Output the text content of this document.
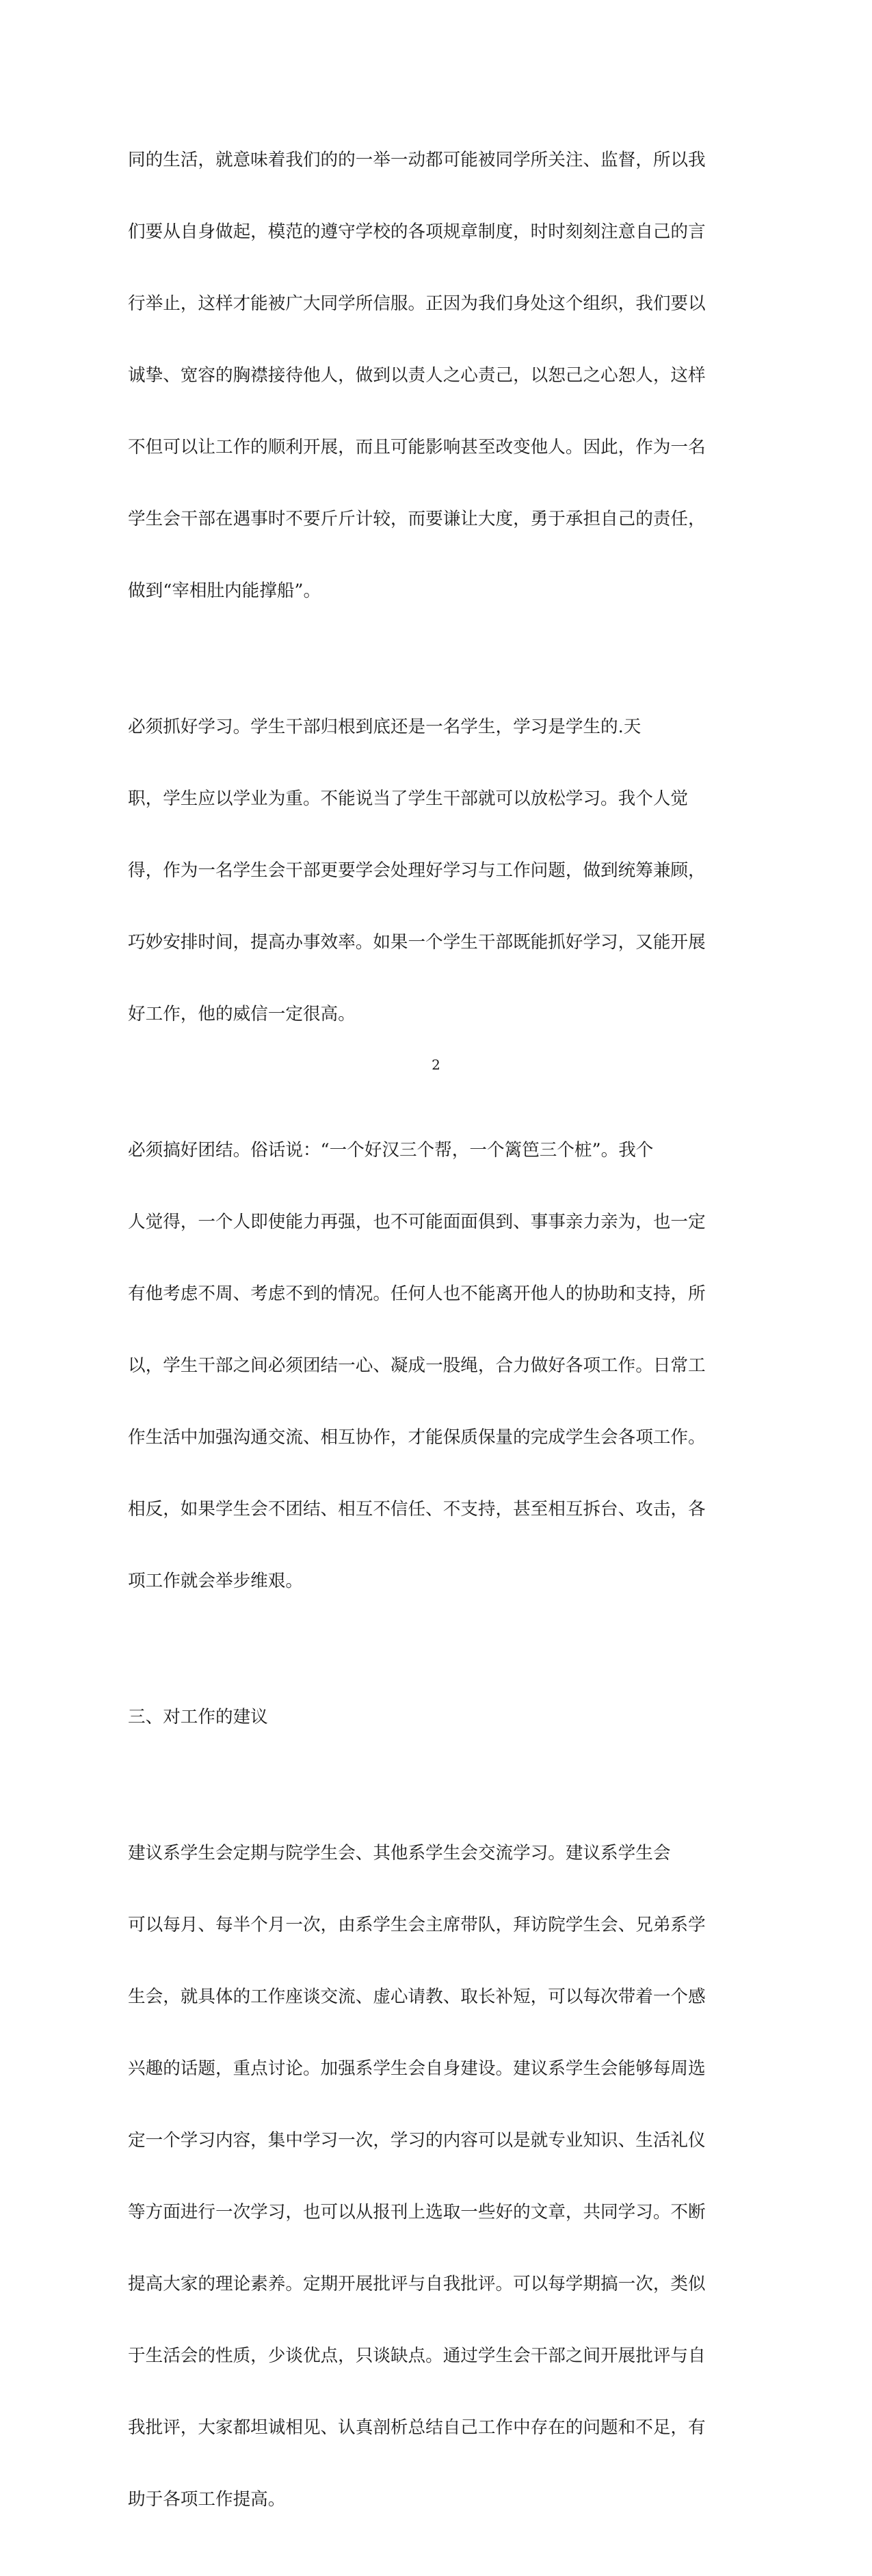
同的生活，就意味着我们的的一举一动都可能被同学所关注、监督，所以我

们要从自身做起，模范的遵守学校的各项规章制度，时时刻刻注意自己的言

行举止，这样才能被广大同学所信服。正因为我们身处这个组织，我们要以

诚挚、宽容的胸襟接待他人，做到以责人之心责己，以恕己之心恕人，这样

不但可以让工作的顺利开展，而且可能影响甚至改变他人。因此，作为一名

学生会干部在遇事时不要斤斤计较，而要谦让大度，勇于承担自己的责任，

做到“宰相肚内能撑船”。

必须抓好学习。学生干部归根到底还是一名学生，学习是学生的.天

职，学生应以学业为重。不能说当了学生干部就可以放松学习。我个人觉

得，作为一名学生会干部更要学会处理好学习与工作问题，做到统筹兼顾，

巧妙安排时间，提高办事效率。如果一个学生干部既能抓好学习，又能开展

好工作，他的威信一定很高。

必须搞好团结。俗话说：“一个好汉三个帮，一个篱笆三个桩”。我个

人觉得，一个人即使能力再强，也不可能面面俱到、事事亲力亲为，也一定

有他考虑不周、考虑不到的情况。任何人也不能离开他人的协助和支持，所

以，学生干部之间必须团结一心、凝成一股绳，合力做好各项工作。日常工

作生活中加强沟通交流、相互协作，才能保质保量的完成学生会各项工作。

相反，如果学生会不团结、相互不信任、不支持，甚至相互拆台、攻击，各

项工作就会举步维艰。

三、对工作的建议

建议系学生会定期与院学生会、其他系学生会交流学习。建议系学生会

可以每月、每半个月一次，由系学生会主席带队，拜访院学生会、兄弟系学

生会，就具体的工作座谈交流、虚心请教、取长补短，可以每次带着一个感

兴趣的话题，重点讨论。加强系学生会自身建设。建议系学生会能够每周选

定一个学习内容，集中学习一次，学习的内容可以是就专业知识、生活礼仪

等方面进行一次学习，也可以从报刊上选取一些好的文章，共同学习。不断

提高大家的理论素养。定期开展批评与自我批评。可以每学期搞一次，类似

于生活会的性质，少谈优点，只谈缺点。通过学生会干部之间开展批评与自

我批评，大家都坦诚相见、认真剖析总结自己工作中存在的问题和不足，有

助于各项工作提高。

2
